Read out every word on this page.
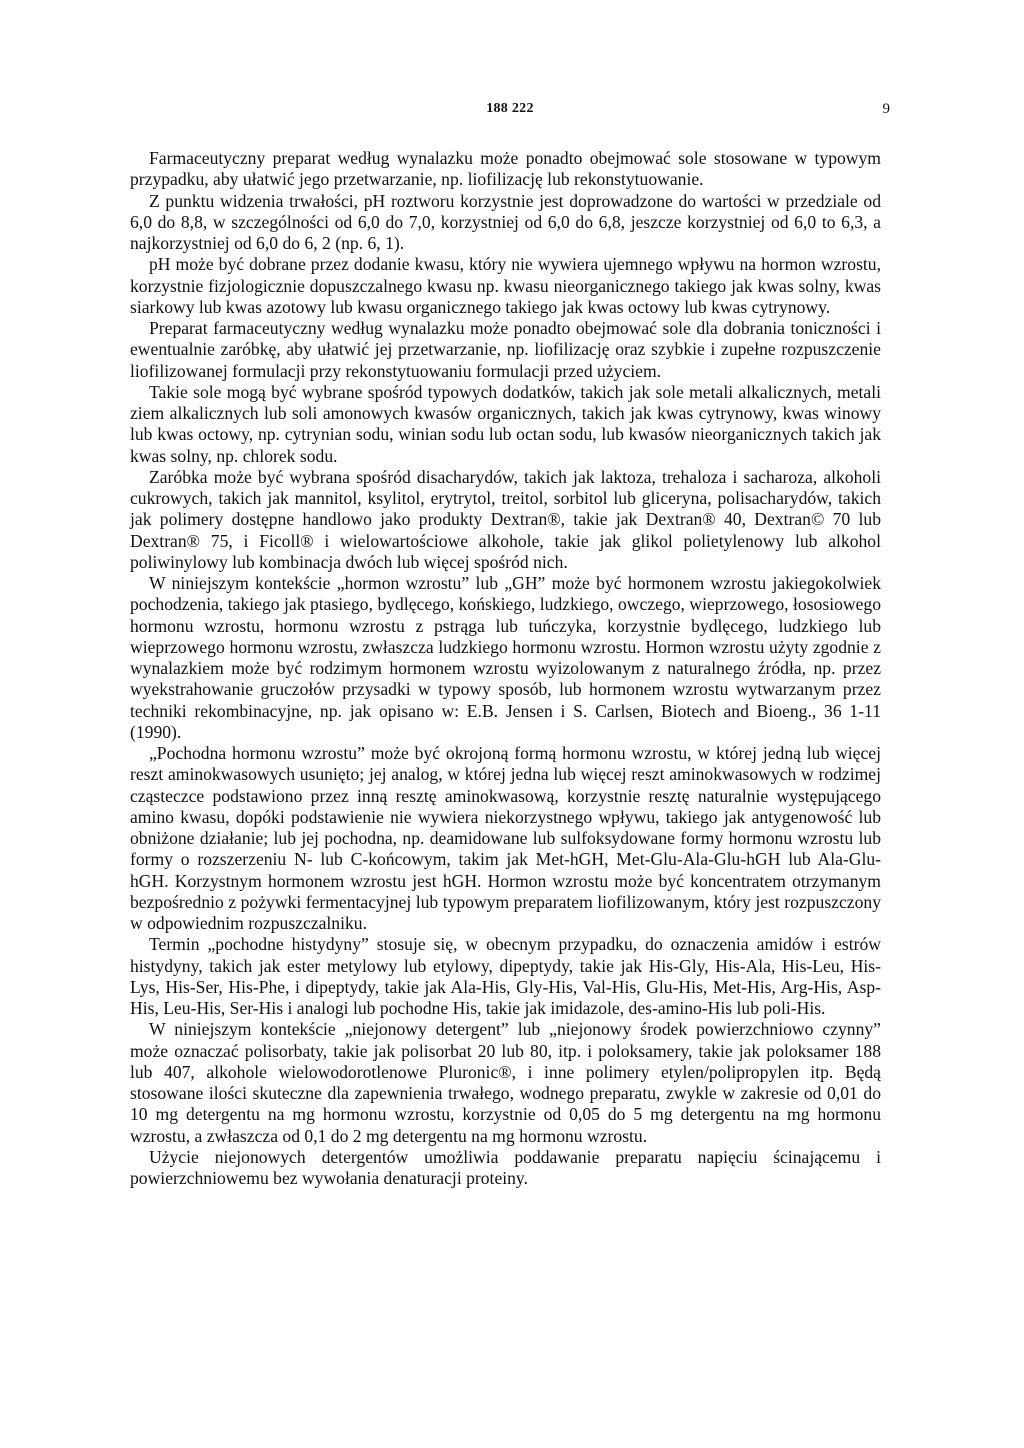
188 222	9

Farmaceutyczny preparat według wynalazku może ponadto obejmować sole stosowane w typowym przypadku, aby ułatwić jego przetwarzanie, np. liofilizację lub rekonstytuowanie.

Z punktu widzenia trwałości, pH roztworu korzystnie jest doprowadzone do wartości w przedziale od 6,0 do 8,8, w szczególności od 6,0 do 7,0, korzystniej od 6,0 do 6,8, jeszcze korzystniej od 6,0 to 6,3, a najkorzystniej od 6,0 do 6, 2 (np. 6, 1).

pH może być dobrane przez dodanie kwasu, który nie wywiera ujemnego wpływu na hormon wzrostu, korzystnie fizjologicznie dopuszczalnego kwasu np. kwasu nieorganicznego takiego jak kwas solny, kwas siarkowy lub kwas azotowy lub kwasu organicznego takiego jak kwas octowy lub kwas cytrynowy.

Preparat farmaceutyczny według wynalazku może ponadto obejmować sole dla dobrania toniczności i ewentualnie zaróbkę, aby ułatwić jej przetwarzanie, np. liofilizację oraz szybkie i zupełne rozpuszczenie liofilizowanej formulacji przy rekonstytuowaniu formulacji przed użyciem.

Takie sole mogą być wybrane spośród typowych dodatków, takich jak sole metali alkalicznych, metali ziem alkalicznych lub soli amonowych kwasów organicznych, takich jak kwas cytrynowy, kwas winowy lub kwas octowy, np. cytrynian sodu, winian sodu lub octan sodu, lub kwasów nieorganicznych takich jak kwas solny, np. chlorek sodu.

Zaróbka może być wybrana spośród disacharydów, takich jak laktoza, trehaloza i sacharoza, alkoholi cukrowych, takich jak mannitol, ksylitol, erytrytol, treitol, sorbitol lub gliceryna, polisacharydów, takich jak polimery dostępne handlowo jako produkty Dextran®, takie jak Dextran® 40, Dextran© 70 lub Dextran® 75, i Ficoll® i wielowartościowe alkohole, takie jak glikol polietylenowy lub alkohol poliwinylowy lub kombinacja dwóch lub więcej spośród nich.

W niniejszym kontekście „hormon wzrostu” lub „GH” może być hormonem wzrostu jakiegokolwiek pochodzenia, takiego jak ptasiego, bydlęcego, końskiego, ludzkiego, owczego, wieprzowego, łososiowego hormonu wzrostu, hormonu wzrostu z pstrąga lub tuńczyka, korzystnie bydlęcego, ludzkiego lub wieprzowego hormonu wzrostu, zwłaszcza ludzkiego hormonu wzrostu. Hormon wzrostu użyty zgodnie z wynalazkiem może być rodzimym hormonem wzrostu wyizolowanym z naturalnego źródła, np. przez wyekstrahowanie gruczołów przysadki w typowy sposób, lub hormonem wzrostu wytwarzanym przez techniki rekombinacyjne, np. jak opisano w: E.B. Jensen i S. Carlsen, Biotech and Bioeng., 36 1-11 (1990).

„Pochodna hormonu wzrostu” może być okrojoną formą hormonu wzrostu, w której jedną lub więcej reszt aminokwasowych usunięto; jej analog, w której jedna lub więcej reszt aminokwasowych w rodzimej cząsteczce podstawiono przez inną resztę aminokwasową, korzystnie resztę naturalnie występującego amino kwasu, dopóki podstawienie nie wywiera niekorzystnego wpływu, takiego jak antygenowość lub obniżone działanie; lub jej pochodna, np. deamidowane lub sulfoksydowane formy hormonu wzrostu lub formy o rozszerzeniu N- lub C-końcowym, takim jak Met-hGH, Met-Glu-Ala-Glu-hGH lub Ala-Glu-hGH. Korzystnym hormonem wzrostu jest hGH. Hormon wzrostu może być koncentratem otrzymanym bezpośrednio z pożywki fermentacyjnej lub typowym preparatem liofilizowanym, który jest rozpuszczony w odpowiednim rozpuszczalniku.

Termin „pochodne histydyny” stosuje się, w obecnym przypadku, do oznaczenia amidów i estrów histydyny, takich jak ester metylowy lub etylowy, dipeptydy, takie jak His-Gly, His-Ala, His-Leu, His-Lys, His-Ser, His-Phe, i dipeptydy, takie jak Ala-His, Gly-His, Val-His, Glu-His, Met-His, Arg-His, Asp-His, Leu-His, Ser-His i analogi lub pochodne His, takie jak imidazole, des-amino-His lub poli-His.

W niniejszym kontekście „niejonowy detergent” lub „niejonowy środek powierzchniowo czynny” może oznaczać polisorbaty, takie jak polisorbat 20 lub 80, itp. i poloksamery, takie jak poloksamer 188 lub 407, alkohole wielowodorotlenowe Pluronic®, i inne polimery etylen/polipropylen itp. Będą stosowane ilości skuteczne dla zapewnienia trwałego, wodnego preparatu, zwykle w zakresie od 0,01 do 10 mg detergentu na mg hormonu wzrostu, korzystnie od 0,05 do 5 mg detergentu na mg hormonu wzrostu, a zwłaszcza od 0,1 do 2 mg detergentu na mg hormonu wzrostu.

Użycie niejonowych detergentów umożliwia poddawanie preparatu napięciu ścinającemu i powierzchniowemu bez wywołania denaturacji proteiny.
